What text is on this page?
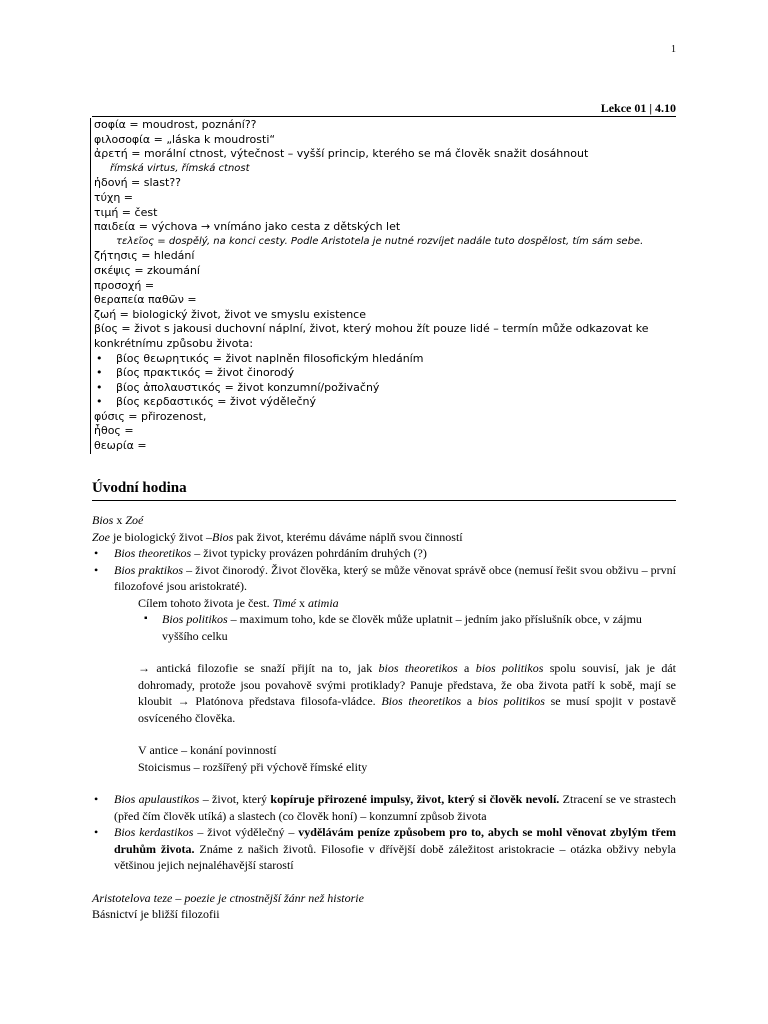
1
Lekce 01 | 4.10
σοφία = moudrost, poznání??
φιλοσοφία = „láska k moudrosti“
ἀρετή = morální ctnost, výtečnost – vyšší princip, kterého se má člověk snažit dosáhnout
římská virtus, římská ctnost
ἡδονή = slast??
τύχη =
τιμή = čest
παιδεία = výchova → vnímáno jako cesta z dětských let
τελεῖος = dospělý, na konci cesty. Podle Aristotela je nutné rozvíjet nadále tuto dospělost, tím sám sebe.
ζήτησις = hledání
σκέψις = zkoumání
προσοχή =
θεραπεία παθῶν =
ζωή = biologický život, život ve smyslu existence
βίος = život s jakousi duchovní náplní, život, který mohou žít pouze lidé – termín může odkazovat ke
konkrétnímu způsobu života:
• βίος θεωρητικός = život naplněn filosofickým hledáním
• βίος πρακτικός = život činorodý
• βίος ἀπολαυστικός = život konzumní/poživačný
• βίος κερδαστικός = život výdělečný
φύσις = přirozenost,
ἦθος =
θεωρία =
Úvodní hodina

Bios x Zoé

Zoe je biologický život –Bios pak život, kterému dáváme náplň svou činností

• Bios theoretikos – život typicky provázen pohrdáním druhých (?)

• Bios praktikos – život činorodý. Život člověka, který se může věnovat správě obce (nemusí řešit svou obživu – první filozofové jsou aristokraté).

Cílem tohoto života je čest. Timé x atimia

▪ Bios politikos – maximum toho, kde se člověk může uplatnit – jedním jako příslušník obce, v zájmu vyššího celku

→ antická filozofie se snaží přijít na to, jak bios theoretikos a bios politikos spolu souvisí, jak je dát dohromady, protože jsou povahově svými protiklady? Panuje představa, že oba života patří k sobě, mají se kloubit → Platónova představa filosofa-vládce. Bios theoretikos a bios politikos se musí spojit v postavě osvíceného člověka.

V antice – konání povinností

Stoicismus – rozšířený při výchově římské elity

• Bios apulaustikos – život, který kopíruje přirozené impulsy, život, který si člověk nevolí. Ztracení se ve strastech (před čím člověk utíká) a slastech (co člověk honí) – konzumní způsob života

• Bios kerdastikos – život výdělečný – vydělávám peníze způsobem pro to, abych se mohl věnovat zbylým třem druhům života. Známe z našich životů. Filosofie v dřívější době záležitost aristokracie – otázka obživy nebyla většinou jejich nejnaléhavější starostí

Aristotelova teze – poezie je ctnostnější žánr než historie

Básnictví je bližší filozofii
